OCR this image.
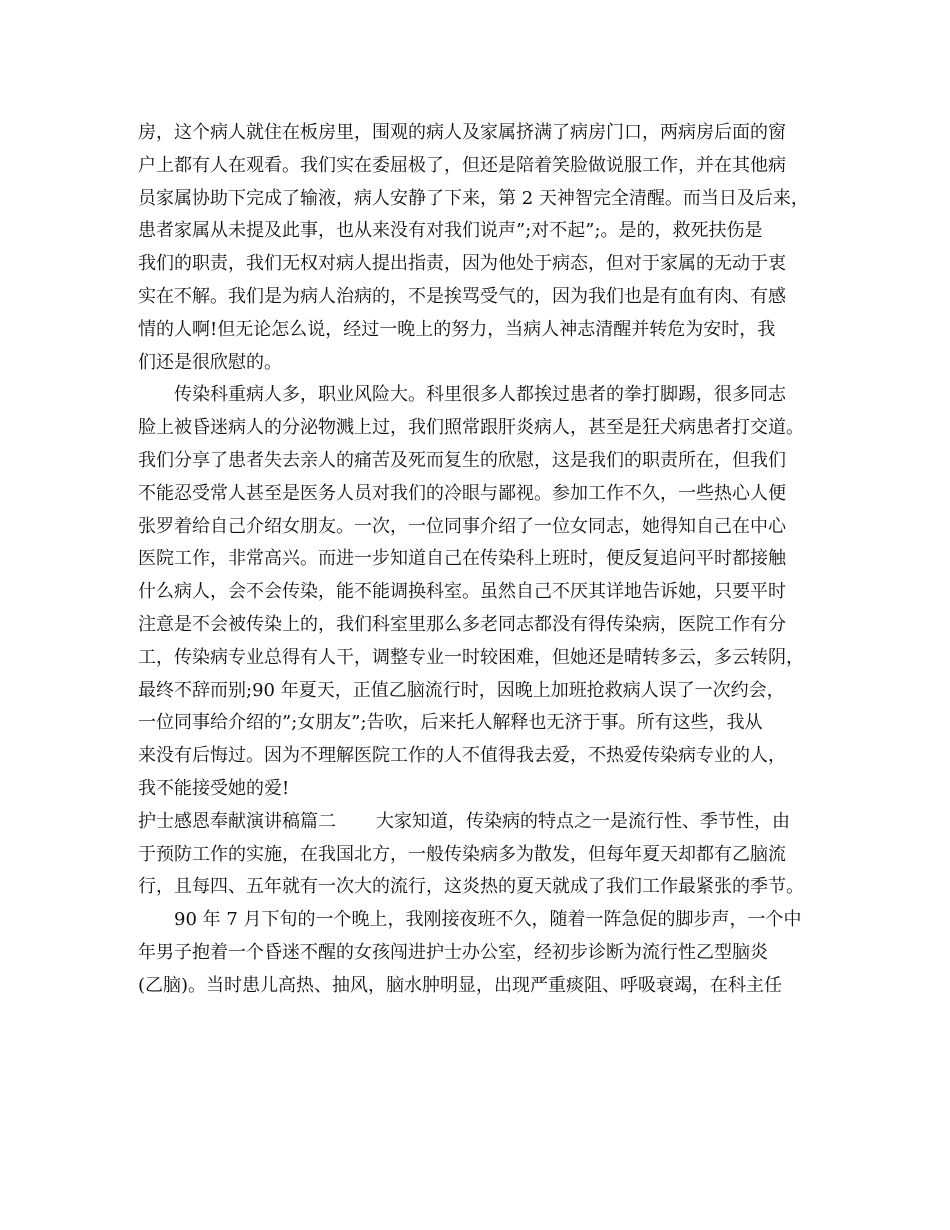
房，这个病人就住在板房里，围观的病人及家属挤满了病房门口，两病房后面的窗
户上都有人在观看。我们实在委屈极了，但还是陪着笑脸做说服工作，并在其他病
员家属协助下完成了输液，病人安静了下来，第 2 天神智完全清醒。而当日及后来，
患者家属从未提及此事，也从来没有对我们说声”;对不起”;。是的，救死扶伤是
我们的职责，我们无权对病人提出指责，因为他处于病态，但对于家属的无动于衷
实在不解。我们是为病人治病的，不是挨骂受气的，因为我们也是有血有肉、有感
情的人啊!但无论怎么说，经过一晚上的努力，当病人神志清醒并转危为安时，我
们还是很欣慰的。
传染科重病人多，职业风险大。科里很多人都挨过患者的拳打脚踢，很多同志
脸上被昏迷病人的分泌物溅上过，我们照常跟肝炎病人，甚至是狂犬病患者打交道。
我们分享了患者失去亲人的痛苦及死而复生的欣慰，这是我们的职责所在，但我们
不能忍受常人甚至是医务人员对我们的冷眼与鄙视。参加工作不久，一些热心人便
张罗着给自己介绍女朋友。一次，一位同事介绍了一位女同志，她得知自己在中心
医院工作，非常高兴。而进一步知道自己在传染科上班时，便反复追问平时都接触
什么病人，会不会传染，能不能调换科室。虽然自己不厌其详地告诉她，只要平时
注意是不会被传染上的，我们科室里那么多老同志都没有得传染病，医院工作有分
工，传染病专业总得有人干，调整专业一时较困难，但她还是晴转多云，多云转阴，
最终不辞而别;90 年夏天，正值乙脑流行时，因晚上加班抢救病人误了一次约会，
一位同事给介绍的”;女朋友”;告吹，后来托人解释也无济于事。所有这些，我从
来没有后悔过。因为不理解医院工作的人不值得我去爱，不热爱传染病专业的人，
我不能接受她的爱!
护士感恩奉献演讲稿篇二 大家知道，传染病的特点之一是流行性、季节性，由
于预防工作的实施，在我国北方，一般传染病多为散发，但每年夏天却都有乙脑流
行，且每四、五年就有一次大的流行，这炎热的夏天就成了我们工作最紧张的季节。
90 年 7 月下旬的一个晚上，我刚接夜班不久，随着一阵急促的脚步声，一个中
年男子抱着一个昏迷不醒的女孩闯进护士办公室，经初步诊断为流行性乙型脑炎
(乙脑)。当时患儿高热、抽风，脑水肿明显，出现严重痰阻、呼吸衰竭，在科主任
